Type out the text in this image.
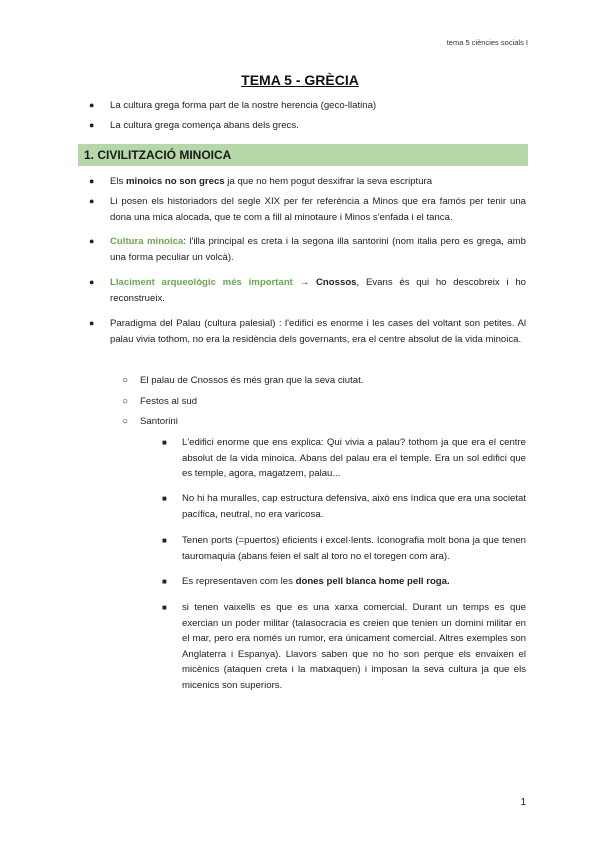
tema 5 ciències socials I
TEMA 5 - GRÈCIA
● La cultura grega forma part de la nostre herencia (geco-llatina)
● La cultura grega comença abans dels grecs.
1. CIVILITZACIÓ MINOICA
● Els minoics no son grecs ja que no hem pogut desxifrar la seva escriptura
● Li posen els historiadors del segle XIX per fer referència a Minos que era famós per tenir una dona una mica alocada, que te com a fill al minotaure i Minos s'enfada i el tanca.
● Cultura minoica: l'illa principal es creta i la segona illa santorini (nom italia pero es grega, amb una forma peculiar un volcà).
● Llaciment arqueològic més important → Cnossos, Evans és qui ho descobreix i ho reconstrueix.
● Paradigma del Palau (cultura palesial) : l'edifici es enorme i les cases del voltant son petites. Al palau vivia tothom, no era la residència dels governants, era el centre absolut de la vida minoica.
○ El palau de Cnossos és més gran que la seva ciutat.
○ Festos al sud
○ Santorini
■ L'edifici enorme que ens explica: Qui vivia a palau? tothom ja que era el centre absolut de la vida minoica. Abans del palau era el temple. Era un sol edifici que es temple, agora, magatzem, palau...
■ No hi ha muralles, cap estructura defensiva, això ens índica que era una societat pacífica, neutral, no era varicosa.
■ Tenen ports (=puertos) eficients i excel·lents. Iconografia molt bona ja que tenen tauromaquia (abans feien el salt al toro no el toregen com ara).
■ Es representaven com les dones pell blanca home pell roga.
■ si tenen vaixells es que es una xarxa comercial. Durant un temps es que exercian un poder militar (talasocracia es creien que tenien un domini militar en el mar, pero era només un rumor, era únicament comercial. Altres exemples son Anglaterra i Espanya). Llavors saben que no ho son perque els envaixen el micènics (ataquen creta i la matxaquen) i imposan la seva cultura ja que els micenics son superiors.
1
